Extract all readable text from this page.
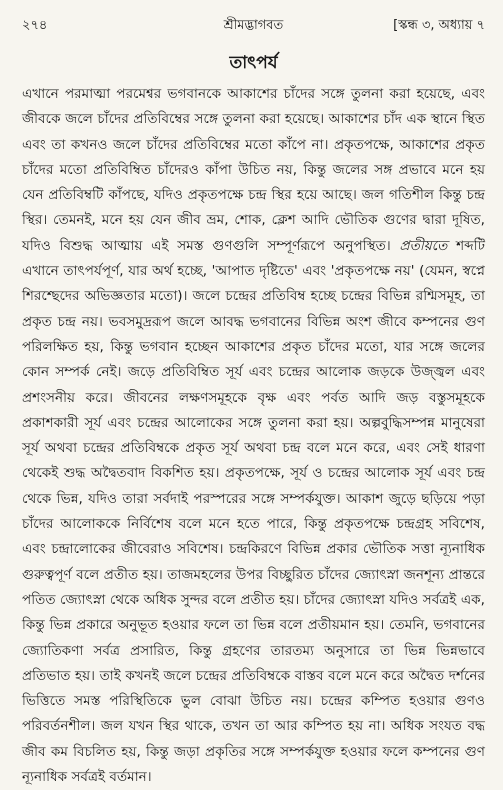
২৭৪	শ্রীমদ্ভাগবত	[স্কন্ধ ৩, অধ্যায় ৭
তাৎপর্য

এখানে পরমাত্মা পরমেশ্বর ভগবানকে আকাশের চাঁদের সঙ্গে তুলনা করা হয়েছে, এবং জীবকে জলে চাঁদের প্রতিবিম্বের সঙ্গে তুলনা করা হয়েছে। আকাশের চাঁদ এক স্থানে স্থিত এবং তা কখনও জলে চাঁদের প্রতিবিম্বের মতো কাঁপে না। প্রকৃতপক্ষে, আকাশের প্রকৃত চাঁদের মতো প্রতিবিম্বিত চাঁদেরও কাঁপা উচিত নয়, কিন্তু জলের সঙ্গ প্রভাবে মনে হয় যেন প্রতিবিম্বটি কাঁপছে, যদিও প্রকৃতপক্ষে চন্দ্র স্থির হয়ে আছে। জল গতিশীল কিন্তু চন্দ্র স্থির। তেমনই, মনে হয় যেন জীব ভ্রম, শোক, ক্লেশ আদি ভৌতিক গুণের দ্বারা দূষিত, যদিও বিশুদ্ধ আত্মায় এই সমস্ত গুণগুলি সম্পূর্ণরূপে অনুপস্থিত। প্রতীয়তে শব্দটি এখানে তাৎপর্যপূর্ণ, যার অর্থ হচ্ছে, 'আপাত দৃষ্টিতে' এবং 'প্রকৃতপক্ষে নয়' (যেমন, স্বপ্নে শিরশ্ছেদের অভিজ্ঞতার মতো)। জলে চন্দ্রের প্রতিবিম্ব হচ্ছে চন্দ্রের বিভিন্ন রশ্মিসমূহ, তা প্রকৃত চন্দ্র নয়। ভবসমুদ্ররূপ জলে আবদ্ধ ভগবানের বিভিন্ন অংশ জীবে কম্পনের গুণ পরিলক্ষিত হয়, কিন্তু ভগবান হচ্ছেন আকাশের প্রকৃত চাঁদের মতো, যার সঙ্গে জলের কোন সম্পর্ক নেই। জড়ে প্রতিবিম্বিত সূর্য এবং চন্দ্রের আলোক জড়কে উজ্জ্বল এবং প্রশংসনীয় করে। জীবনের লক্ষণসমূহকে বৃক্ষ এবং পর্বত আদি জড় বস্তুসমূহকে প্রকাশকারী সূর্য এবং চন্দ্রের আলোকের সঙ্গে তুলনা করা হয়। অল্পবুদ্ধিসম্পন্ন মানুষেরা সূর্য অথবা চন্দ্রের প্রতিবিম্বকে প্রকৃত সূর্য অথবা চন্দ্র বলে মনে করে, এবং সেই ধারণা থেকেই শুদ্ধ অদ্বৈতবাদ বিকশিত হয়। প্রকৃতপক্ষে, সূর্য ও চন্দ্রের আলোক সূর্য এবং চন্দ্র থেকে ভিন্ন, যদিও তারা সর্বদাই পরস্পরের সঙ্গে সম্পর্কযুক্ত। আকাশ জুড়ে ছড়িয়ে পড়া চাঁদের আলোককে নির্বিশেষ বলে মনে হতে পারে, কিন্তু প্রকৃতপক্ষে চন্দ্রগ্রহ সবিশেষ, এবং চন্দ্রালোকের জীবেরাও সবিশেষ। চন্দ্রকিরণে বিভিন্ন প্রকার ভৌতিক সত্তা ন্যূনাধিক গুরুত্বপূর্ণ বলে প্রতীত হয়। তাজমহলের উপর বিচ্ছুরিত চাঁদের জ্যোৎস্না জনশূন্য প্রান্তরে পতিত জ্যোৎস্না থেকে অধিক সুন্দর বলে প্রতীত হয়। চাঁদের জ্যোৎস্না যদিও সর্বত্রই এক, কিন্তু ভিন্ন প্রকারে অনুভূত হওয়ার ফলে তা ভিন্ন বলে প্রতীয়মান হয়। তেমনি, ভগবানের জ্যোতিকণা সর্বত্র প্রসারিত, কিন্তু গ্রহণের তারতম্য অনুসারে তা ভিন্ন ভিন্নভাবে প্রতিভাত হয়। তাই কখনই জলে চন্দ্রের প্রতিবিম্বকে বাস্তব বলে মনে করে অদ্বৈত দর্শনের ভিত্তিতে সমস্ত পরিস্থিতিকে ভুল বোঝা উচিত নয়। চন্দ্রের কম্পিত হওয়ার গুণও পরিবর্তনশীল। জল যখন স্থির থাকে, তখন তা আর কম্পিত হয় না। অধিক সংযত বদ্ধ জীব কম বিচলিত হয়, কিন্তু জড়া প্রকৃতির সঙ্গে সম্পর্কযুক্ত হওয়ার ফলে কম্পনের গুণ ন্যূনাধিক সর্বত্রই বর্তমান।
